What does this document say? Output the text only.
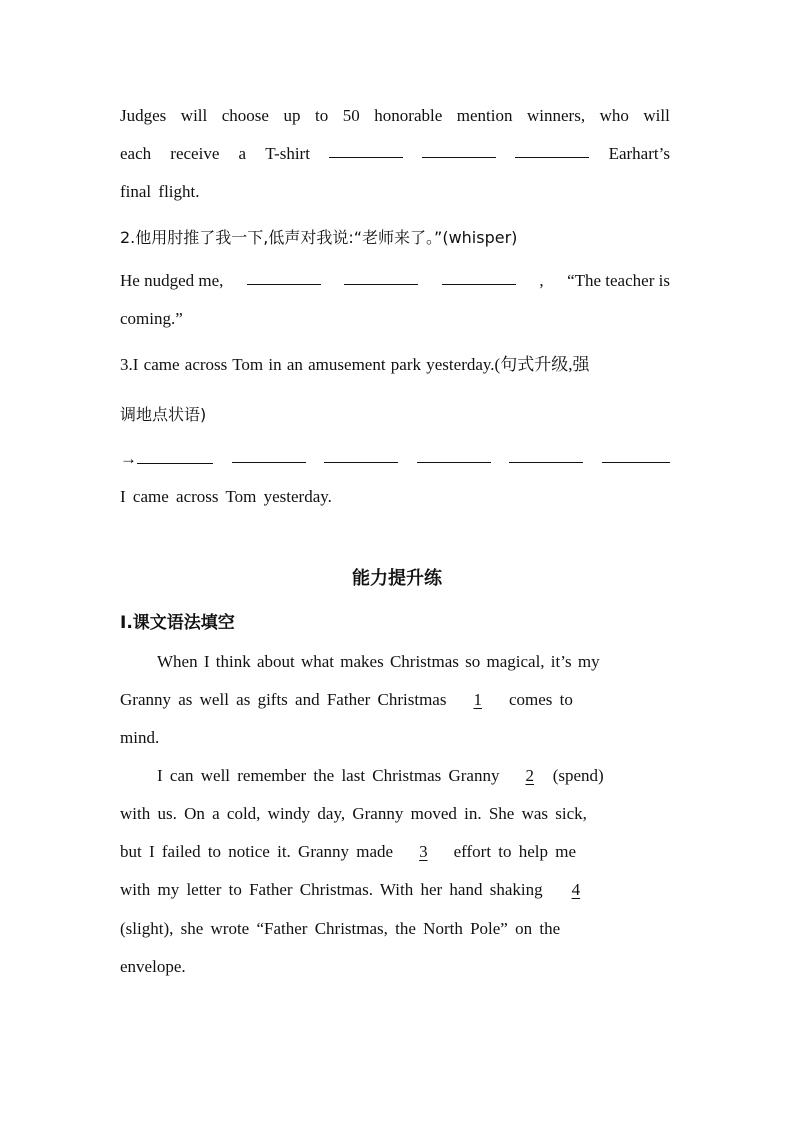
Judges will choose up to 50 honorable mention winners, who will
each receive a T-shirt	Earhart’s
final flight.
2.他用肘推了我一下,低声对我说:“老师来了。”(whisper)
He nudged me,	, “The teacher is
coming.”
3.I came across Tom in an amusement park yesterday.(句式升级,强
调地点状语)
→
I came across Tom yesterday.
能力提升练
Ⅰ.课文语法填空
When I think about what makes Christmas so magical, it’s my
Granny as well as gifts and Father Christmas 1 comes to
mind.
I can well remember the last Christmas Granny 2 (spend)
with us. On a cold, windy day, Granny moved in. She was sick,
but I failed to notice it. Granny made 3 effort to help me
with my letter to Father Christmas. With her hand shaking 4
(slight), she wrote “Father Christmas, the North Pole” on the
envelope.
